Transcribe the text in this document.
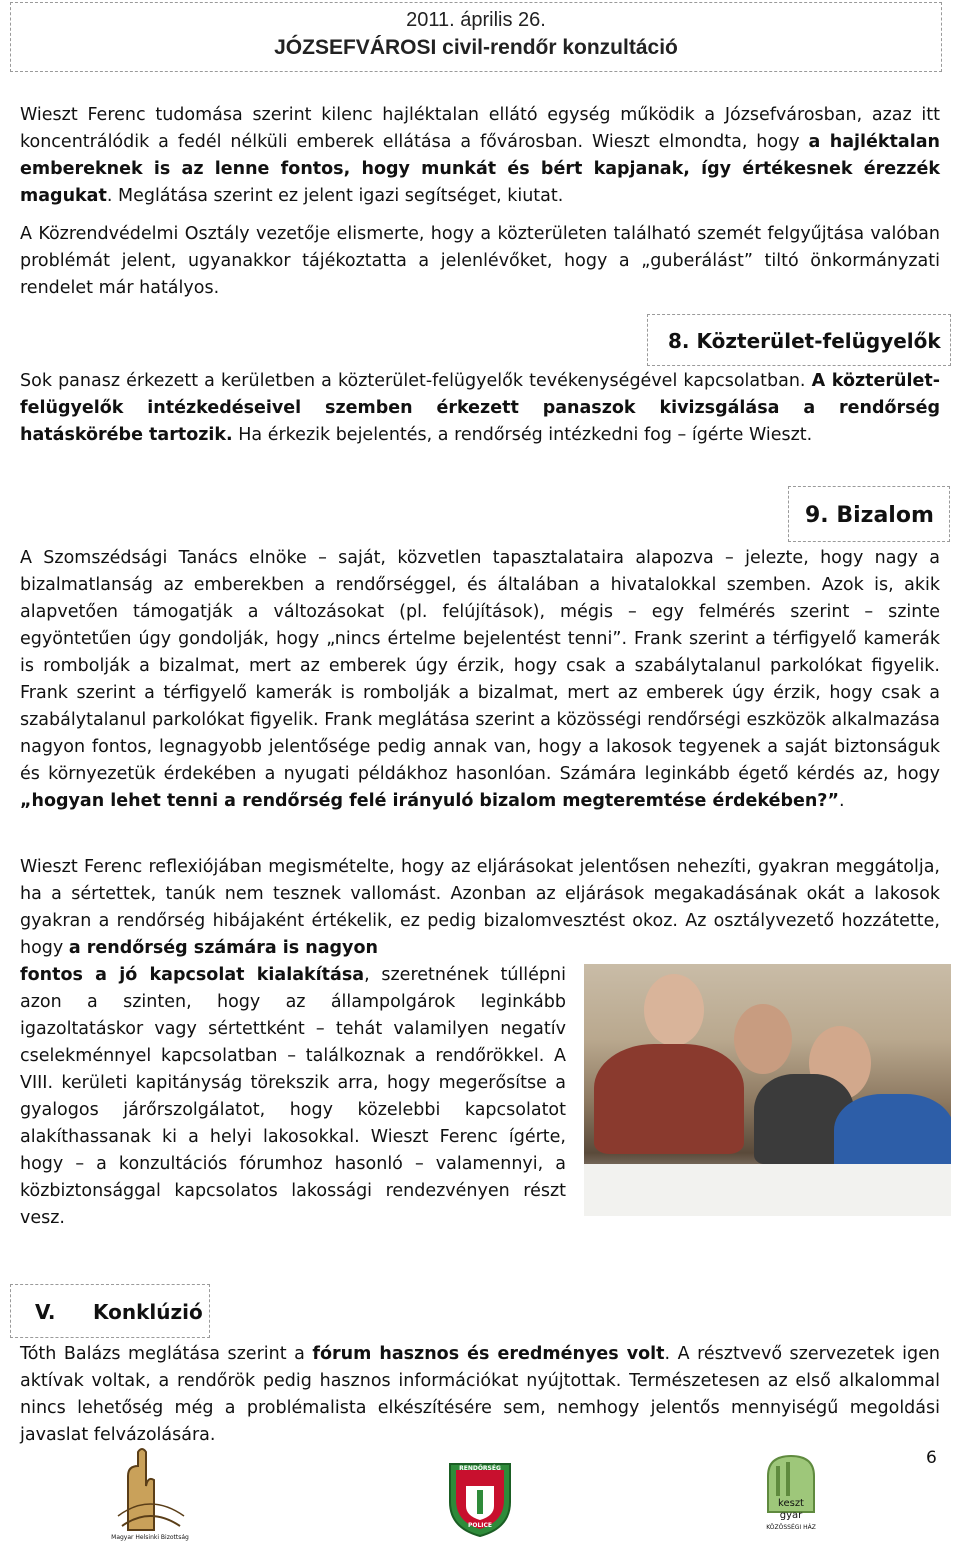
2011. április 26.
JÓZSEFVÁROSI civil-rendőr konzultáció

Wieszt Ferenc tudomása szerint kilenc hajléktalan ellátó egység működik a Józsefvárosban, azaz itt koncentrálódik a fedél nélküli emberek ellátása a fővárosban. Wieszt elmondta, hogy a hajléktalan embereknek is az lenne fontos, hogy munkát és bért kapjanak, így értékesnek érezzék magukat. Meglátása szerint ez jelent igazi segítséget, kiutat.

A Közrendvédelmi Osztály vezetője elismerte, hogy a közterületen található szemét felgyűjtása valóban problémát jelent, ugyanakkor tájékoztatta a jelenlévőket, hogy a „guberálást” tiltó önkormányzati rendelet már hatályos.

8. Közterület-felügyelők

Sok panasz érkezett a kerületben a közterület-felügyelők tevékenységével kapcsolatban. A közterület-felügyelők intézkedéseivel szemben érkezett panaszok kivizsgálása a rendőrség hatáskörébe tartozik. Ha érkezik bejelentés, a rendőrség intézkedni fog – ígérte Wieszt.

9. Bizalom

A Szomszédsági Tanács elnöke – saját, közvetlen tapasztalataira alapozva – jelezte, hogy nagy a bizalmatlanság az emberekben a rendőrséggel, és általában a hivatalokkal szemben. Azok is, akik alapvetően támogatják a változásokat (pl. felújítások), mégis – egy felmérés szerint – szinte egyöntetűen úgy gondolják, hogy „nincs értelme bejelentést tenni”. Frank szerint a térfigyelő kamerák is rombolják a bizalmat, mert az emberek úgy érzik, hogy csak a szabálytalanul parkolókat figyelik. Frank szerint a térfigyelő kamerák is rombolják a bizalmat, mert az emberek úgy érzik, hogy csak a szabálytalanul parkolókat figyelik. Frank meglátása szerint a közösségi rendőrségi eszközök alkalmazása nagyon fontos, legnagyobb jelentősége pedig annak van, hogy a lakosok tegyenek a saját biztonságuk és környezetük érdekében a nyugati példákhoz hasonlóan. Számára leginkább égető kérdés az, hogy „hogyan lehet tenni a rendőrség felé irányuló bizalom megteremtése érdekében?”.

Wieszt Ferenc reflexiójában megismételte, hogy az eljárásokat jelentősen nehezíti, gyakran meggátolja, ha a sértettek, tanúk nem tesznek vallomást. Azonban az eljárások megakadásának okát a lakosok gyakran a rendőrség hibájaként értékelik, ez pedig bizalomvesztést okoz. Az osztályvezető hozzátette, hogy a rendőrség számára is nagyon

fontos a jó kapcsolat kialakítása, szeretnének túllépni azon a szinten, hogy az állampolgárok leginkább igazoltatáskor vagy sértettként – tehát valamilyen negatív cselekménnyel kapcsolatban – találkoznak a rendőrökkel. A VIII. kerületi kapitányság törekszik arra, hogy megerősítse a gyalogos járőrszolgálatot, hogy közelebbi kapcsolatot alakíthassanak ki a helyi lakosokkal. Wieszt Ferenc ígérte, hogy – a konzultációs fórumhoz hasonló – valamennyi, a közbiztonsággal kapcsolatos lakossági rendezvényen részt vesz.

V. Konklúzió

Tóth Balázs meglátása szerint a fórum hasznos és eredményes volt. A résztvevő szervezetek igen aktívak voltak, a rendőrök pedig hasznos információkat nyújtottak. Természetesen az első alkalommal nincs lehetőség még a problémalista elkészítésére sem, nemhogy jelentős mennyiségű megoldási javaslat felvázolására.

6
Magyar Helsinki Bizottság
RENDŐRSÉG
POLICE
keszt
gyar
KÖZÖSSÉGI HÁZ
